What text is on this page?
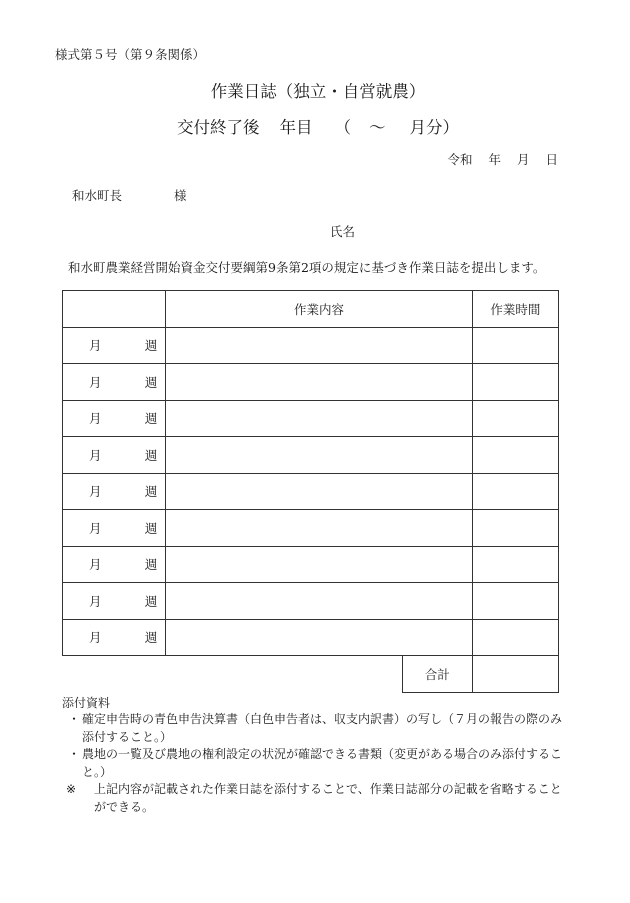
様式第５号（第９条関係）
作業日誌（独立・自営就農）
交付終了後 年目 （ ～ 月分）
令和 年 月 日
和水町長	様
氏名
和水町農業経営開始資金交付要綱第9条第2項の規定に基づき作業日誌を提出します。
	作業内容		作業時間

月 週			

月 週			

月 週			

月 週			

月 週			

月 週			

月 週			

月 週			

月 週			

		合計	
添付資料
・ 確定申告時の青色申告決算書（白色申告者は、収支内訳書）の写し（７月の報告の際のみ添付すること。）
・ 農地の一覧及び農地の権利設定の状況が確認できる書類（変更がある場合のみ添付すること。）
※ 上記内容が記載された作業日誌を添付することで、作業日誌部分の記載を省略することができる。
